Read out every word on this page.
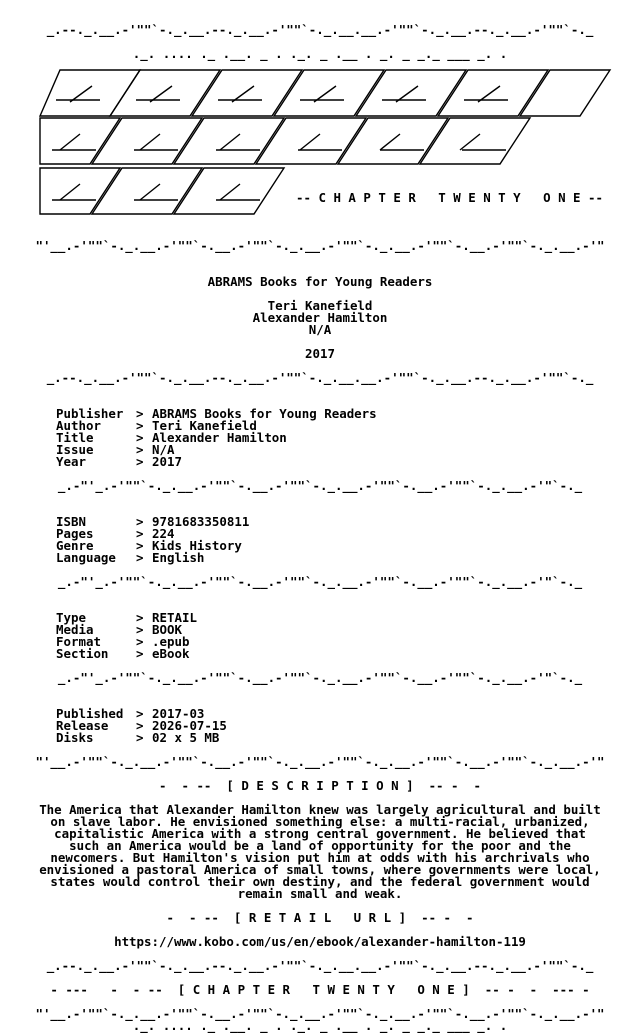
_.--._.__.-'""`-._.__.--._.__.-'""`-._.__.__.-'""`-._.__.--._.__.-'""`-._
._. .... ._ .__. _ . ._. _ .__ . _. _ _._ ___ _. .
-- C H A P T E R   T W E N T Y   O N E --
"'__.-'""`-._.__.-'""`-.__.-'""`-._.__.-'""`-._.__.-'""`-.__.-'""`-._.__.-'"
ABRAMS Books for Young Readers
Teri Kanefield
Alexander Hamilton
N/A
2017
_.--._.__.-'""`-._.__.--._.__.-'""`-._.__.__.-'""`-._.__.--._.__.-'""`-._
Publisher > ABRAMS Books for Young Readers
Author	> Teri Kanefield
Title	> Alexander Hamilton
Issue	> N/A
Year	> 2017
_.-"'_.-'""`-._.__.-'""`-.__.-'""`-._.__.-'""`-.__.-'""`-._.__.-'"`-._
ISBN	> 9781683350811
Pages	> 224
Genre	> Kids History
Language > English
_.-"'_.-'""`-._.__.-'""`-.__.-'""`-._.__.-'""`-.__.-'""`-._.__.-'"`-._
Type	> RETAIL
Media	> BOOK
Format	> .epub
Section > eBook
_.-"'_.-'""`-._.__.-'""`-.__.-'""`-._.__.-'""`-.__.-'""`-._.__.-'"`-._
Published > 2017-03
Release > 2026-07-15
Disks	> 02 x 5 MB
"'__.-'""`-._.__.-'""`-.__.-'""`-._.__.-'""`-._.__.-'""`-.__.-'""`-._.__.-'"
-  - --  [ D E S C R I P T I O N ]  -- -  -
The America that Alexander Hamilton knew was largely agricultural and built
on slave labor. He envisioned something else: a multi-racial, urbanized,
capitalistic America with a strong central government. He believed that
such an America would be a land of opportunity for the poor and the
newcomers. But Hamilton's vision put him at odds with his archrivals who
envisioned a pastoral America of small towns, where governments were local,
states would control their own destiny, and the federal government would
remain small and weak.
-  - --  [ R E T A I L   U R L ]  -- -  -
https://www.kobo.com/us/en/ebook/alexander-hamilton-119
_.--._.__.-'""`-._.__.--._.__.-'""`-._.__.__.-'""`-._.__.--._.__.-'""`-._
- ---   -  - --  [ C H A P T E R   T W E N T Y   O N E ]  -- -  -  --- -
"'__.-'""`-._.__.-'""`-.__.-'""`-._.__.-'""`-._.__.-'""`-.__.-'""`-._.__.-'"
._. .... ._ .__. _ . ._. _ .__ . _. _ _._ ___ _. .
